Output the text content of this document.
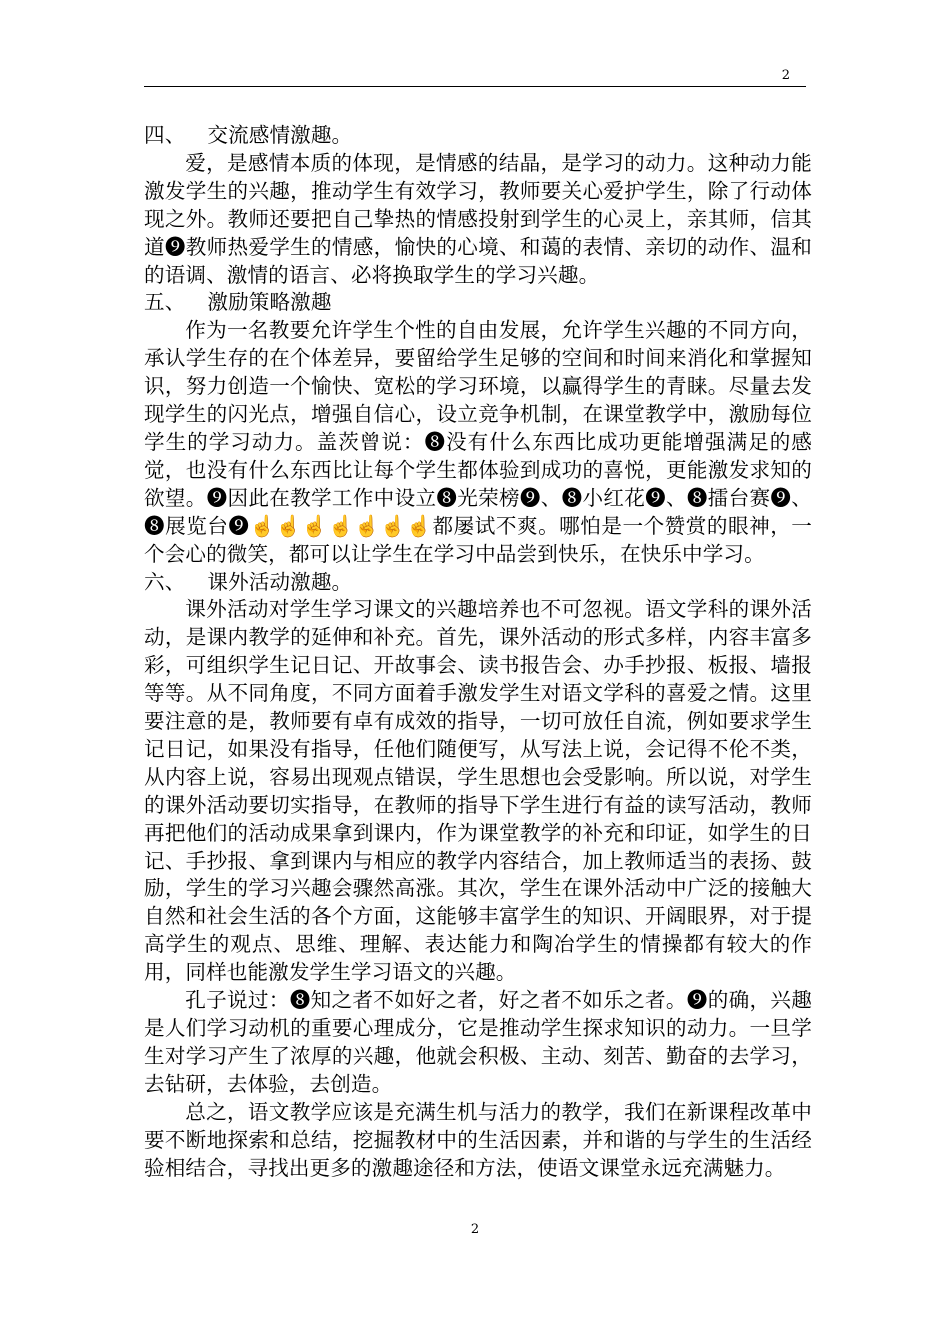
2

四、 交流感情激趣。

爱，是感情本质的体现，是情感的结晶，是学习的动力。这种动力能激发学生的兴趣，推动学生有效学习，教师要关心爱护学生，除了行动体现之外。教师还要把自己挚热的情感投射到学生的心灵上，亲其师，信其道❾教师热爱学生的情感，愉快的心境、和蔼的表情、亲切的动作、温和的语调、激情的语言、必将换取学生的学习兴趣。

五、 激励策略激趣

作为一名教要允许学生个性的自由发展，允许学生兴趣的不同方向，承认学生存的在个体差异，要留给学生足够的空间和时间来消化和掌握知识，努力创造一个愉快、宽松的学习环境，以赢得学生的青睐。尽量去发现学生的闪光点，增强自信心，设立竞争机制，在课堂教学中，激励每位学生的学习动力。盖茨曾说：❽没有什么东西比成功更能增强满足的感觉，也没有什么东西比让每个学生都体验到成功的喜悦，更能激发求知的欲望。❾因此在教学工作中设立❽光荣榜❾、❽小红花❾、❽擂台赛❾、❽展览台❾☝☝☝☝☝☝☝都屡试不爽。哪怕是一个赞赏的眼神，一个会心的微笑，都可以让学生在学习中品尝到快乐，在快乐中学习。

六、 课外活动激趣。

课外活动对学生学习课文的兴趣培养也不可忽视。语文学科的课外活动，是课内教学的延伸和补充。首先，课外活动的形式多样，内容丰富多彩，可组织学生记日记、开故事会、读书报告会、办手抄报、板报、墙报等等。从不同角度，不同方面着手激发学生对语文学科的喜爱之情。这里要注意的是，教师要有卓有成效的指导，一切可放任自流，例如要求学生记日记，如果没有指导，任他们随便写，从写法上说，会记得不伦不类，从内容上说，容易出现观点错误，学生思想也会受影响。所以说，对学生的课外活动要切实指导，在教师的指导下学生进行有益的读写活动，教师再把他们的活动成果拿到课内，作为课堂教学的补充和印证，如学生的日记、手抄报、拿到课内与相应的教学内容结合，加上教师适当的表扬、鼓励，学生的学习兴趣会骤然高涨。其次，学生在课外活动中广泛的接触大自然和社会生活的各个方面，这能够丰富学生的知识、开阔眼界，对于提高学生的观点、思维、理解、表达能力和陶冶学生的情操都有较大的作用，同样也能激发学生学习语文的兴趣。

孔子说过：❽知之者不如好之者，好之者不如乐之者。❾的确，兴趣是人们学习动机的重要心理成分，它是推动学生探求知识的动力。一旦学生对学习产生了浓厚的兴趣，他就会积极、主动、刻苦、勤奋的去学习，去钻研，去体验，去创造。

总之，语文教学应该是充满生机与活力的教学，我们在新课程改革中要不断地探索和总结，挖掘教材中的生活因素，并和谐的与学生的生活经验相结合，寻找出更多的激趣途径和方法，使语文课堂永远充满魅力。

2
